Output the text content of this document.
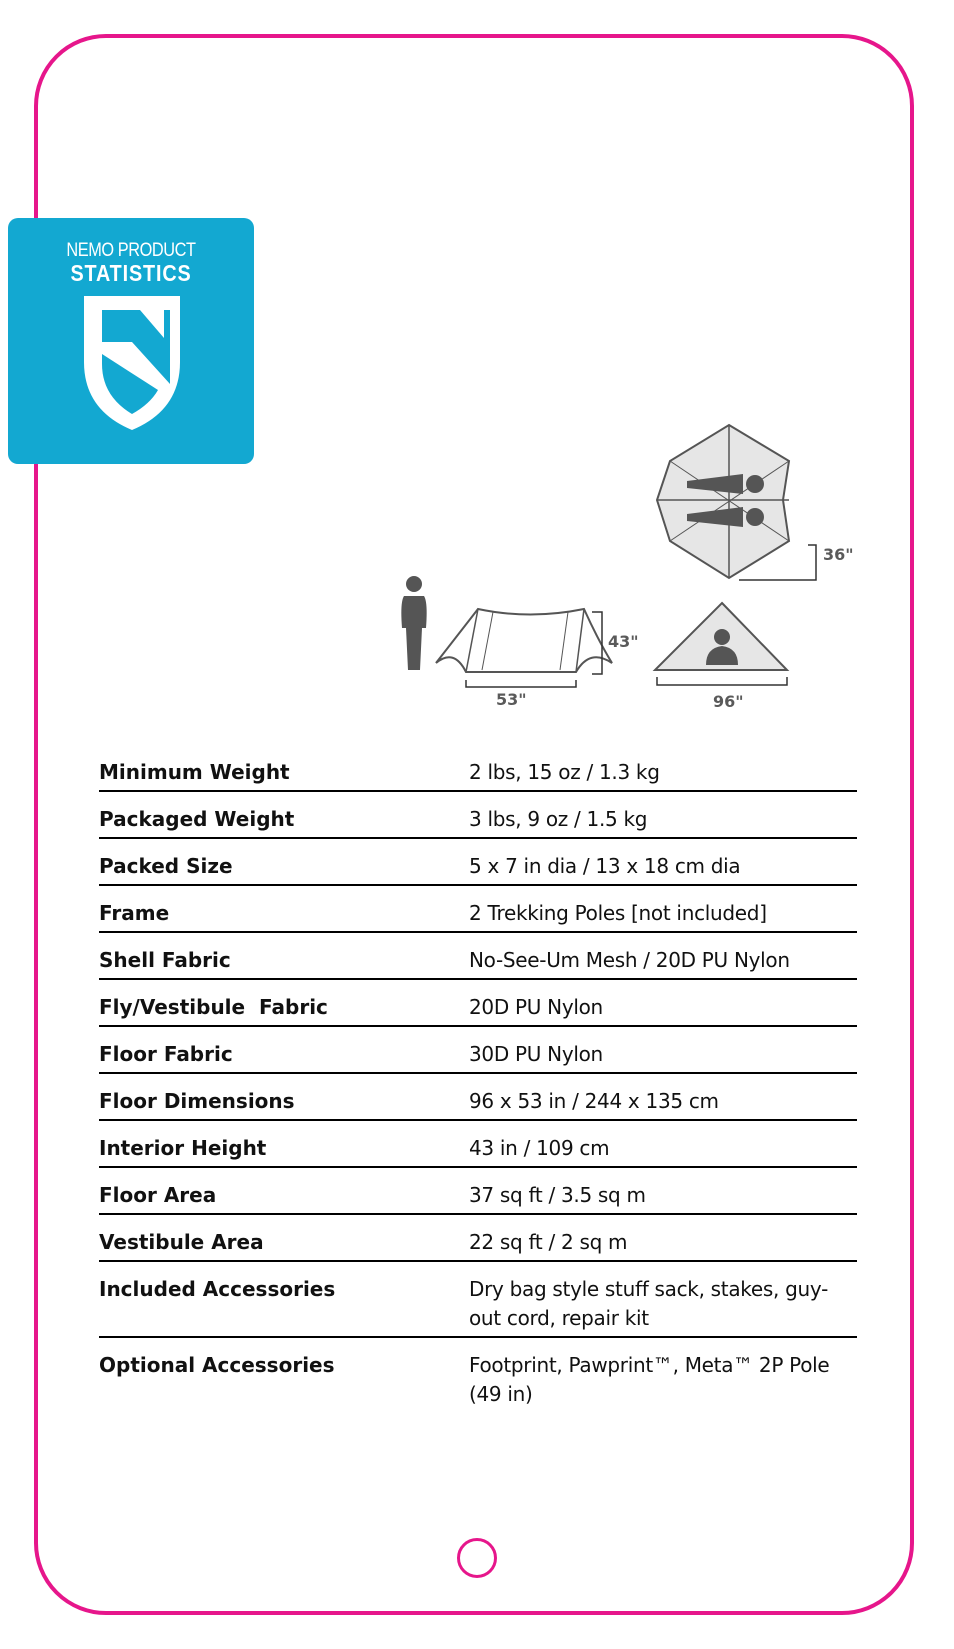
NEMO PRODUCT
STATISTICS
36"
43"
53"	96"
Minimum Weight	2 lbs, 15 oz / 1.3 kg
Packaged Weight	3 lbs, 9 oz / 1.5 kg
Packed Size	5 x 7 in dia / 13 x 18 cm dia
Frame	2 Trekking Poles [not included]
Shell Fabric	No-See-Um Mesh / 20D PU Nylon
Fly/Vestibule  Fabric	20D PU Nylon
Floor Fabric	30D PU Nylon
Floor Dimensions	96 x 53 in / 244 x 135 cm
Interior Height	43 in / 109 cm
Floor Area	37 sq ft / 3.5 sq m
Vestibule Area	22 sq ft / 2 sq m
Included Accessories	Dry bag style stuff sack, stakes, guy-out cord, repair kit
Optional Accessories	Footprint, Pawprint™, Meta™ 2P Pole (49 in)
